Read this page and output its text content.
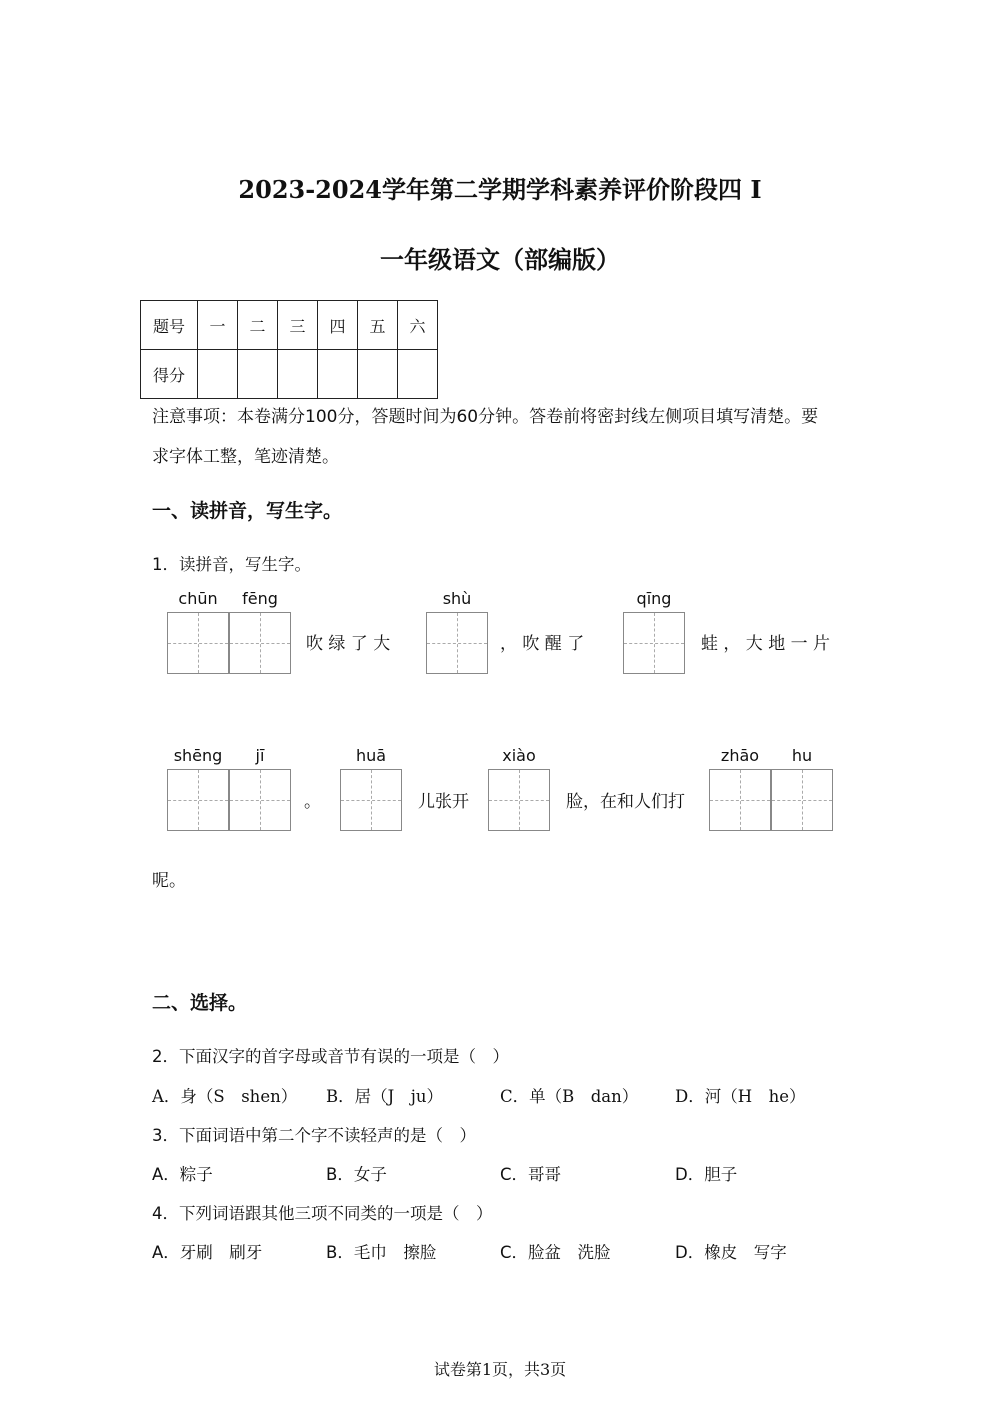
2023-2024学年第二学期学科素养评价阶段四 I
一年级语文（部编版）
题号	一	二	三	四	五	六
得分						
注意事项：本卷满分100分，答题时间为60分钟。答卷前将密封线左侧项目填写清楚。要
求字体工整，笔迹清楚。
一、读拼音，写生字。
1．读拼音，写生字。
chūn	fēng	shù	qīng
吹 绿 了 大	， 吹 醒 了	蛙 ， 大 地 一 片
shēng	jī	huā	xiào	zhāo	hu
。	儿张开	脸，在和人们打
呢。
二、选择。
2．下面汉字的首字母或音节有误的一项是（　）
A．身（S　shen） B．居（J　ju）	C．单（B　dan） D．河（H　he）
3．下面词语中第二个字不读轻声的是（　）
A．粽子	B．女子	C．哥哥	D．胆子
4．下列词语跟其他三项不同类的一项是（　）
A．牙刷　刷牙	B．毛巾　擦脸	C．脸盆　洗脸	D．橡皮　写字
试卷第1页，共3页
